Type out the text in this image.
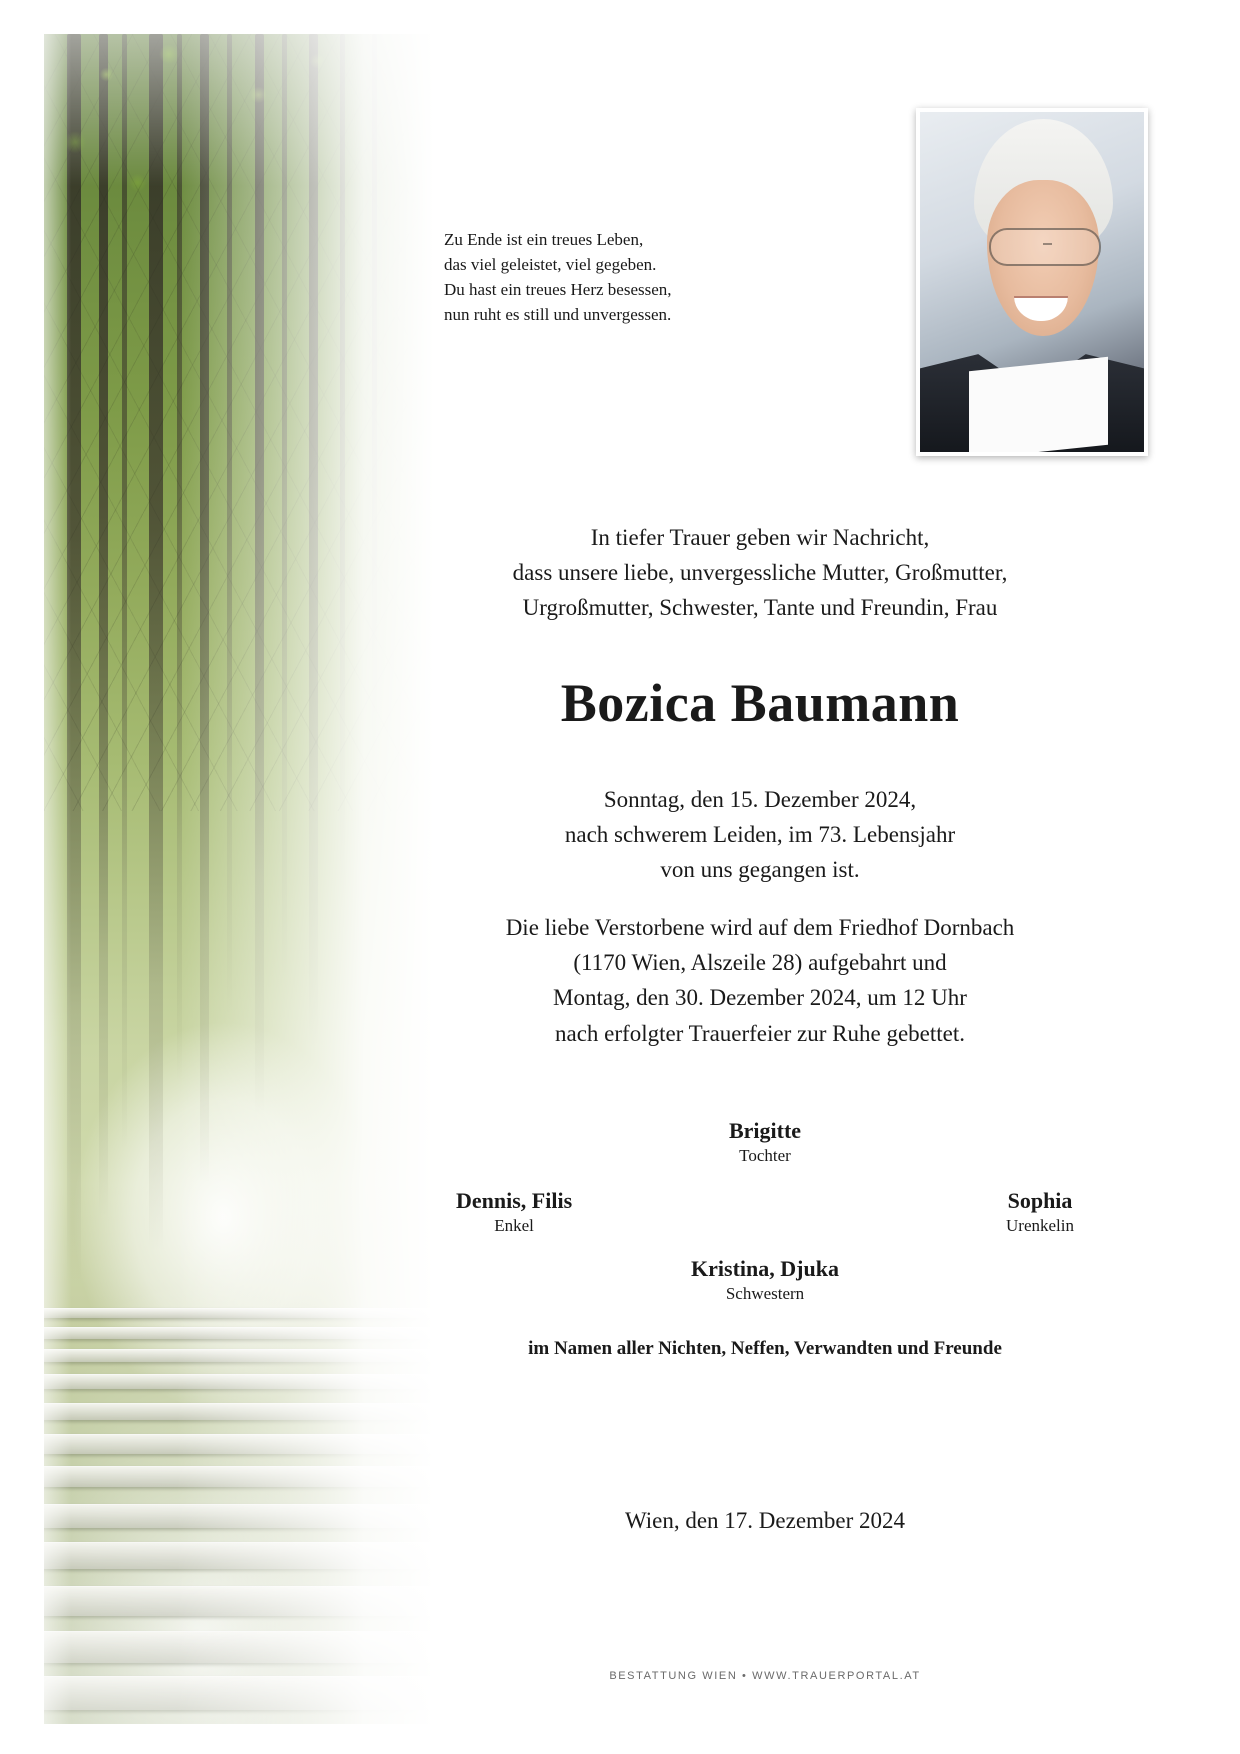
Zu Ende ist ein treues Leben,
das viel geleistet, viel gegeben.
Du hast ein treues Herz besessen,
nun ruht es still und unvergessen.
In tiefer Trauer geben wir Nachricht,
dass unsere liebe, unvergessliche Mutter, Großmutter,
Urgroßmutter, Schwester, Tante und Freundin, Frau
Bozica Baumann
Sonntag, den 15. Dezember 2024,
nach schwerem Leiden, im 73. Lebensjahr
von uns gegangen ist.
Die liebe Verstorbene wird auf dem Friedhof Dornbach
(1170 Wien, Alszeile 28) aufgebahrt und
Montag, den 30. Dezember 2024, um 12 Uhr
nach erfolgter Trauerfeier zur Ruhe gebettet.
Brigitte
Tochter
Dennis, Filis
Enkel
Sophia
Urenkelin
Kristina, Djuka
Schwestern
im Namen aller Nichten, Neffen, Verwandten und Freunde
Wien, den 17. Dezember 2024
BESTATTUNG WIEN • WWW.TRAUERPORTAL.AT
